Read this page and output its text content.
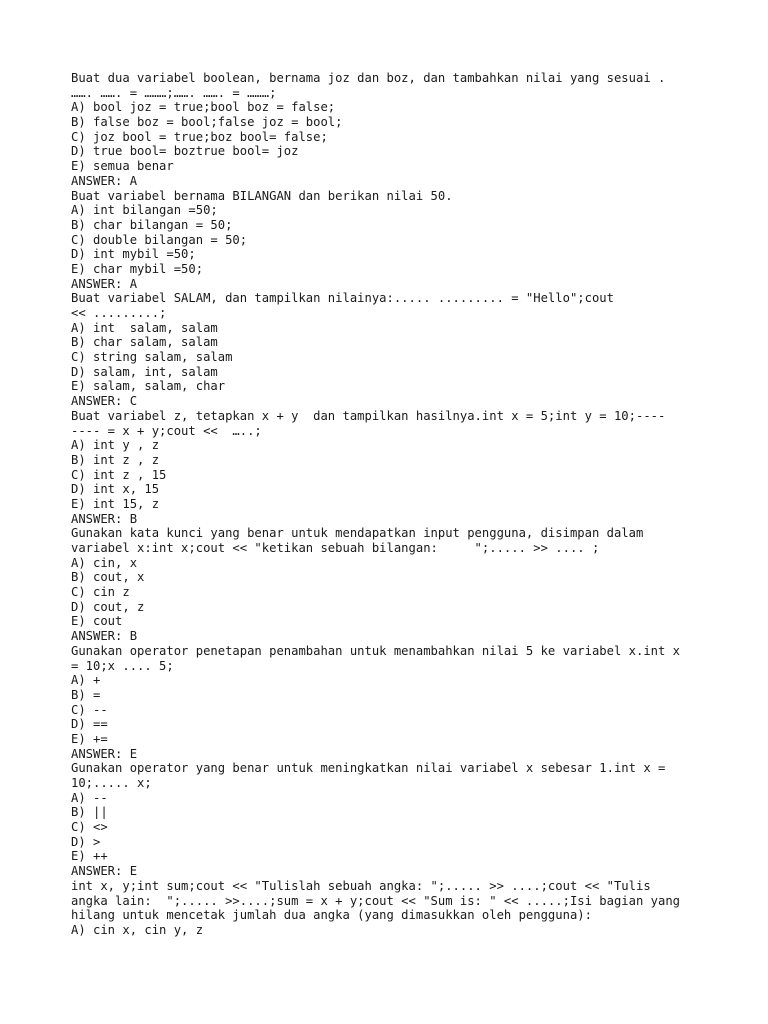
Buat dua variabel boolean, bernama joz dan boz, dan tambahkan nilai yang sesuai .
……. ……. = ………;……. ……. = ………;
A) bool joz = true;bool boz = false;
B) false boz = bool;false joz = bool;
C) joz bool = true;boz bool= false;
D) true bool= boztrue bool= joz
E) semua benar
ANSWER: A
Buat variabel bernama BILANGAN dan berikan nilai 50.
A) int bilangan =50;
B) char bilangan = 50;
C) double bilangan = 50;
D) int mybil =50;
E) char mybil =50;
ANSWER: A
Buat variabel SALAM, dan tampilkan nilainya:..... ......... = "Hello";cout
<< .........;
A) int  salam, salam
B) char salam, salam
C) string salam, salam
D) salam, int, salam
E) salam, salam, char
ANSWER: C
Buat variabel z, tetapkan x + y  dan tampilkan hasilnya.int x = 5;int y = 10;----
---- = x + y;cout <<  …..;
A) int y , z
B) int z , z
C) int z , 15
D) int x, 15
E) int 15, z
ANSWER: B
Gunakan kata kunci yang benar untuk mendapatkan input pengguna, disimpan dalam
variabel x:int x;cout << "ketikan sebuah bilangan:     ";..... >> .... ;
A) cin, x
B) cout, x
C) cin z
D) cout, z
E) cout
ANSWER: B
Gunakan operator penetapan penambahan untuk menambahkan nilai 5 ke variabel x.int x
= 10;x .... 5;
A) +
B) =
C) --
D) ==
E) +=
ANSWER: E
Gunakan operator yang benar untuk meningkatkan nilai variabel x sebesar 1.int x =
10;..... x;
A) --
B) ||
C) <>
D) >
E) ++
ANSWER: E
int x, y;int sum;cout << "Tulislah sebuah angka: ";..... >> ....;cout << "Tulis
angka lain:  ";..... >>....;sum = x + y;cout << "Sum is: " << .....;Isi bagian yang
hilang untuk mencetak jumlah dua angka (yang dimasukkan oleh pengguna):
A) cin x, cin y, z
